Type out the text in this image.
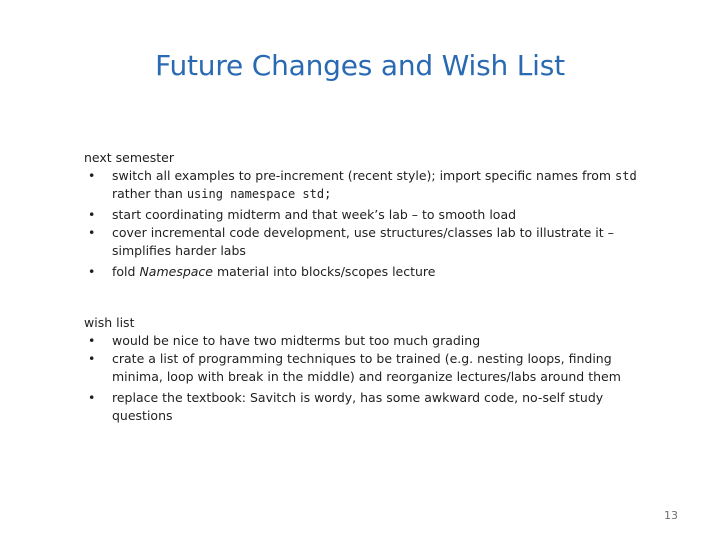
Future Changes and Wish List

next semester

• switch all examples to pre-increment (recent style); import specific names from std rather than using namespace std;
• start coordinating midterm and that week’s lab – to smooth load
• cover incremental code development, use structures/classes lab to illustrate it – simplifies harder labs
• fold Namespace material into blocks/scopes lecture

wish list

• would be nice to have two midterms but too much grading
• crate a list of programming techniques to be trained (e.g. nesting loops, finding minima, loop with break in the middle) and reorganize lectures/labs around them
• replace the textbook: Savitch is wordy, has some awkward code, no-self study questions
13
